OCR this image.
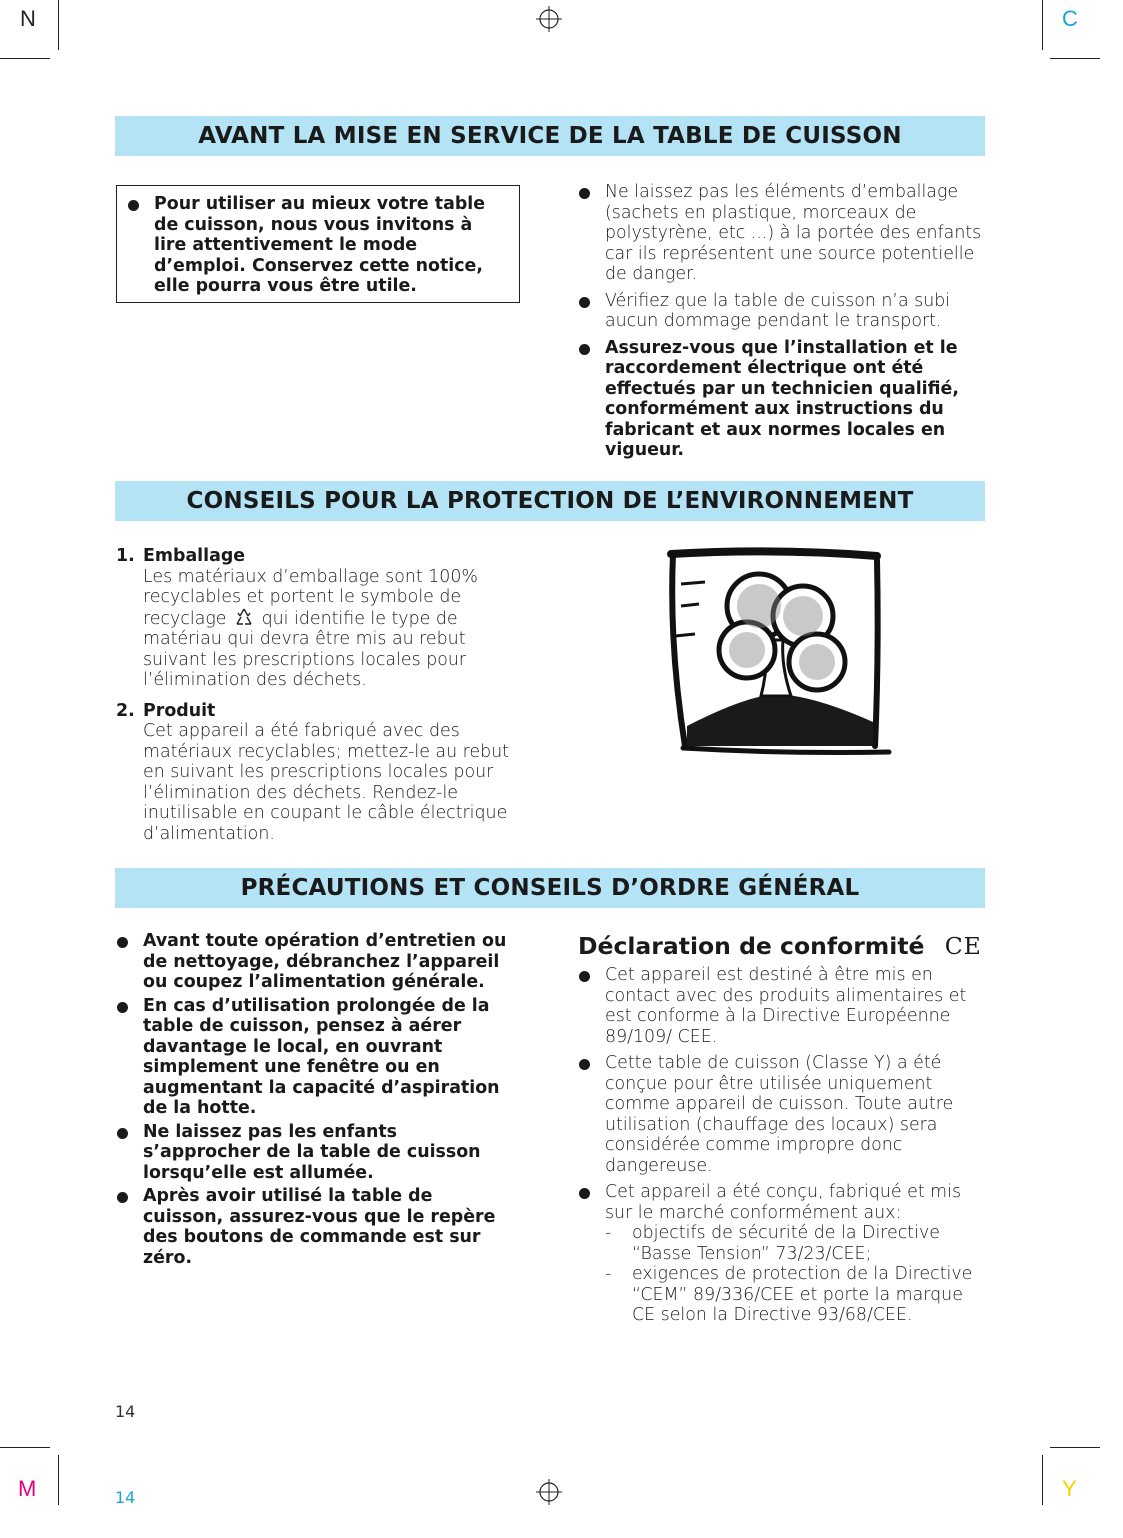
N	C
M	Y
14
AVANT LA MISE EN SERVICE DE LA TABLE DE CUISSON
Pour utiliser au mieux votre table de cuisson, nous vous invitons à lire attentivement le mode d’emploi. Conservez cette notice, elle pourra vous être utile.
Ne laissez pas les éléments d’emballage (sachets en plastique, morceaux de polystyrène, etc ...) à la portée des enfants car ils représentent une source potentielle de danger.
Vérifiez que la table de cuisson n’a subi aucun dommage pendant le transport.
Assurez-vous que l’installation et le raccordement électrique ont été effectués par un technicien qualifié, conformément aux instructions du fabricant et aux normes locales en vigueur.
CONSEILS POUR LA PROTECTION DE L’ENVIRONNEMENT
1. Emballage
Les matériaux d’emballage sont 100% recyclables et portent le symbole de recyclage qui identifie le type de matériau qui devra être mis au rebut suivant les prescriptions locales pour l’élimination des déchets.
2. Produit
Cet appareil a été fabriqué avec des matériaux recyclables; mettez-le au rebut en suivant les prescriptions locales pour l’élimination des déchets. Rendez-le inutilisable en coupant le câble électrique d’alimentation.
PRÉCAUTIONS ET CONSEILS D’ORDRE GÉNÉRAL
Avant toute opération d’entretien ou de nettoyage, débranchez l’appareil ou coupez l’alimentation générale.
En cas d’utilisation prolongée de la table de cuisson, pensez à aérer davantage le local, en ouvrant simplement une fenêtre ou en augmentant la capacité d’aspiration de la hotte.
Ne laissez pas les enfants s’approcher de la table de cuisson lorsqu’elle est allumée.
Après avoir utilisé la table de cuisson, assurez-vous que le repère des boutons de commande est sur zéro.
Déclaration de conformité CE
Cet appareil est destiné à être mis en contact avec des produits alimentaires et est conforme à la Directive Européenne 89/109/ CEE.
Cette table de cuisson (Classe Y) a été conçue pour être utilisée uniquement comme appareil de cuisson. Toute autre utilisation (chauffage des locaux) sera considérée comme impropre donc dangereuse.
Cet appareil a été conçu, fabriqué et mis sur le marché conformément aux:
- objectifs de sécurité de la Directive “Basse Tension” 73/23/CEE;
- exigences de protection de la Directive “CEM” 89/336/CEE et porte la marque CE selon la Directive 93/68/CEE.
14
